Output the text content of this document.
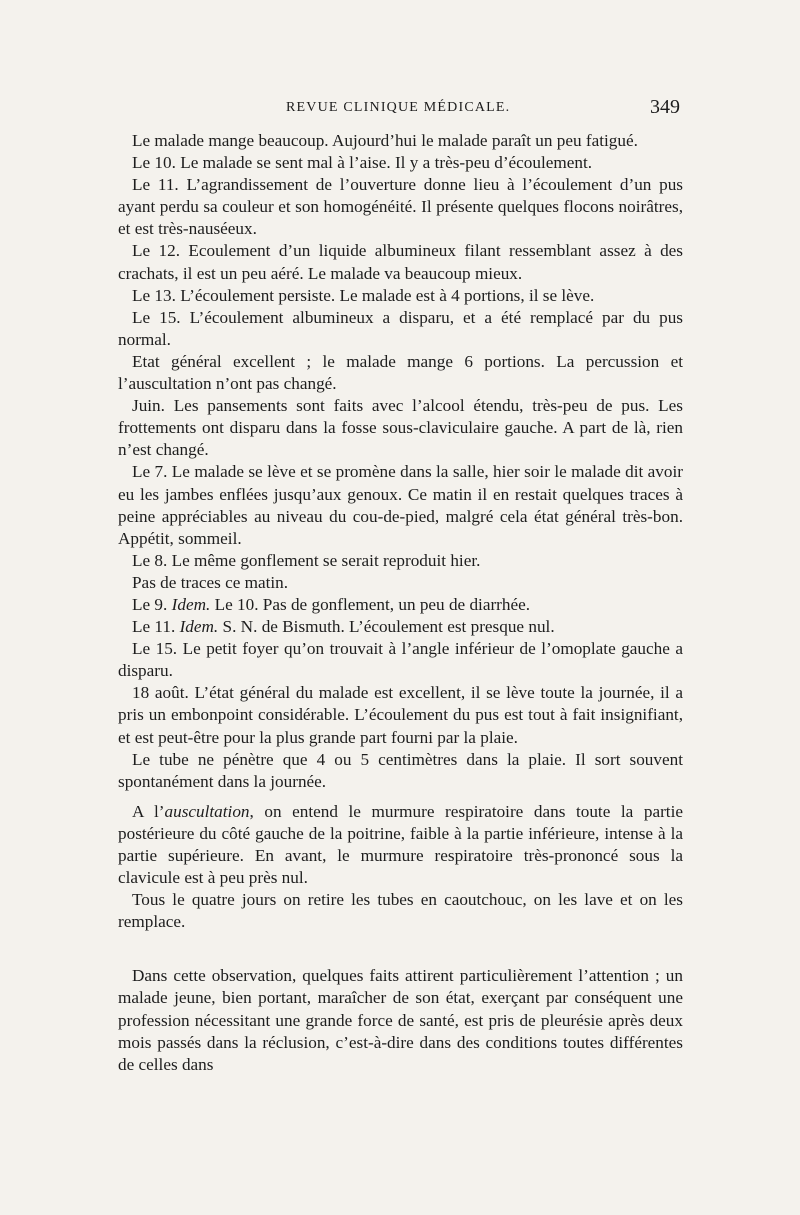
REVUE CLINIQUE MÉDICALE.	349

Le malade mange beaucoup. Aujourd’hui le malade paraît un peu fatigué.

Le 10. Le malade se sent mal à l’aise. Il y a très-peu d’écoulement.

Le 11. L’agrandissement de l’ouverture donne lieu à l’écoulement d’un pus ayant perdu sa couleur et son homogénéité. Il présente quelques flocons noirâtres, et est très-nauséeux.

Le 12. Ecoulement d’un liquide albumineux filant ressemblant assez à des crachats, il est un peu aéré. Le malade va beaucoup mieux.

Le 13. L’écoulement persiste. Le malade est à 4 portions, il se lève.

Le 15. L’écoulement albumineux a disparu, et a été remplacé par du pus normal.

Etat général excellent ; le malade mange 6 portions. La percussion et l’auscultation n’ont pas changé.

Juin. Les pansements sont faits avec l’alcool étendu, très-peu de pus. Les frottements ont disparu dans la fosse sous-claviculaire gauche. A part de là, rien n’est changé.

Le 7. Le malade se lève et se promène dans la salle, hier soir le malade dit avoir eu les jambes enflées jusqu’aux genoux. Ce matin il en restait quelques traces à peine appréciables au niveau du cou-de-pied, malgré cela état général très-bon. Appétit, sommeil.

Le 8. Le même gonflement se serait reproduit hier.

Pas de traces ce matin.

Le 9. Idem. Le 10. Pas de gonflement, un peu de diarrhée.

Le 11. Idem. S. N. de Bismuth. L’écoulement est presque nul.

Le 15. Le petit foyer qu’on trouvait à l’angle inférieur de l’omoplate gauche a disparu.

18 août. L’état général du malade est excellent, il se lève toute la journée, il a pris un embonpoint considérable. L’écoulement du pus est tout à fait insignifiant, et est peut-être pour la plus grande part fourni par la plaie.

Le tube ne pénètre que 4 ou 5 centimètres dans la plaie. Il sort souvent spontanément dans la journée.

A l’auscultation, on entend le murmure respiratoire dans toute la partie postérieure du côté gauche de la poitrine, faible à la partie inférieure, intense à la partie supérieure. En avant, le murmure respiratoire très-prononcé sous la clavicule est à peu près nul.

Tous le quatre jours on retire les tubes en caoutchouc, on les lave et on les remplace.

Dans cette observation, quelques faits attirent particulièrement l’attention ; un malade jeune, bien portant, maraîcher de son état, exerçant par conséquent une profession nécessitant une grande force de santé, est pris de pleurésie après deux mois passés dans la réclusion, c’est-à-dire dans des conditions toutes différentes de celles dans
